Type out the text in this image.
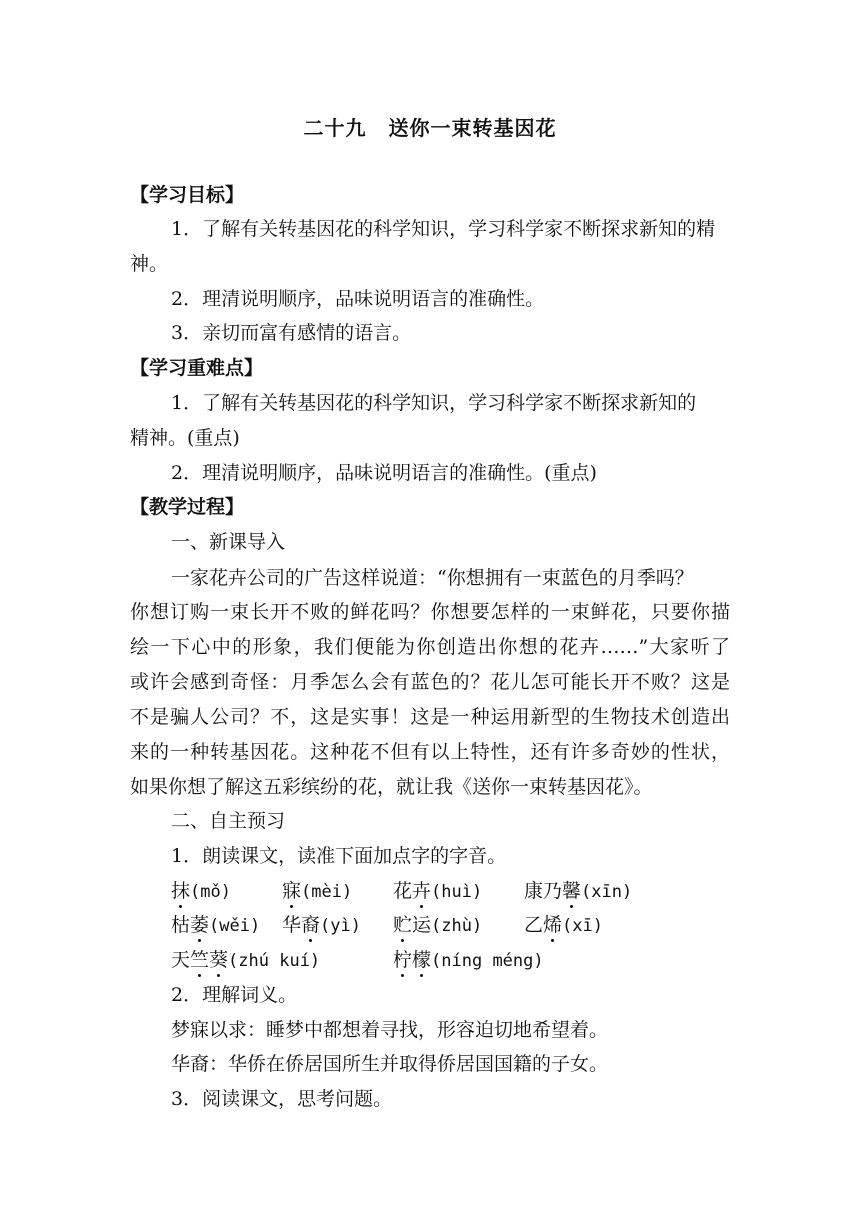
二十九 送你一束转基因花
【学习目标】
1．了解有关转基因花的科学知识，学习科学家不断探求新知的精
神。
2．理清说明顺序，品味说明语言的准确性。
3．亲切而富有感情的语言。
【学习重难点】
1．了解有关转基因花的科学知识，学习科学家不断探求新知的
精神。(重点)
2．理清说明顺序，品味说明语言的准确性。(重点)
【教学过程】
一、新课导入
一家花卉公司的广告这样说道：“你想拥有一束蓝色的月季吗？
你想订购一束长开不败的鲜花吗？你想要怎样的一束鲜花，只要你描
绘一下心中的形象，我们便能为你创造出你想的花卉……”大家听了
或许会感到奇怪：月季怎么会有蓝色的？花儿怎可能长开不败？这是
不是骗人公司？不，这是实事！这是一种运用新型的生物技术创造出
来的一种转基因花。这种花不但有以上特性，还有许多奇妙的性状，
如果你想了解这五彩缤纷的花，就让我《送你一束转基因花》。
二、自主预习
1．朗读课文，读准下面加点字的字音。
抹(mǒ)	寐(mèi) 花卉(huì) 康乃馨(xīn)
枯萎(wěi) 华裔(yì) 贮运(zhù) 乙烯(xī)
天竺葵(zhú kuí)	柠檬(níng méng)
2．理解词义。
梦寐以求：睡梦中都想着寻找，形容迫切地希望着。
华裔：华侨在侨居国所生并取得侨居国国籍的子女。
3．阅读课文，思考问题。
